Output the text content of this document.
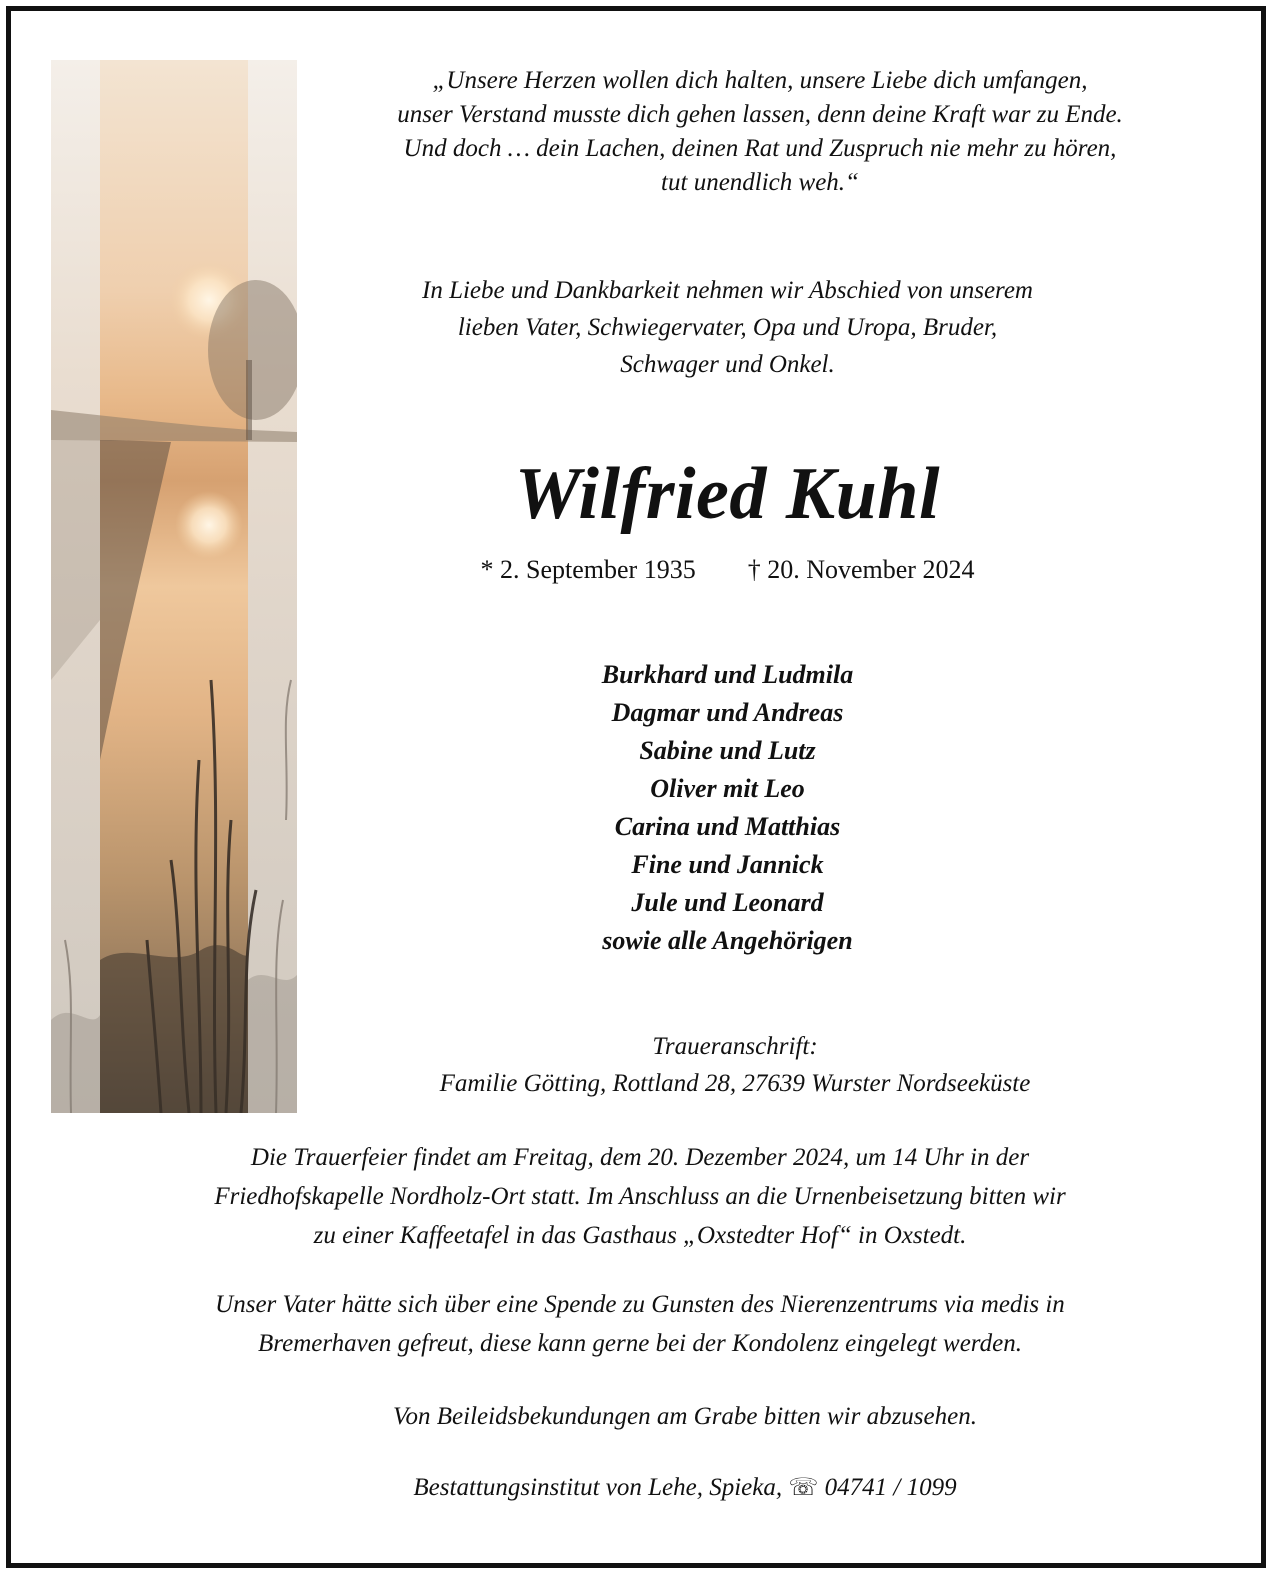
„Unsere Herzen wollen dich halten, unsere Liebe dich umfangen,
unser Verstand musste dich gehen lassen, denn deine Kraft war zu Ende.
Und doch … dein Lachen, deinen Rat und Zuspruch nie mehr zu hören,
tut unendlich weh.“
In Liebe und Dankbarkeit nehmen wir Abschied von unserem
lieben Vater, Schwiegervater, Opa und Uropa, Bruder,
Schwager und Onkel.
Wilfried Kuhl
* 2. September 1935 † 20. November 2024
Burkhard und Ludmila
Dagmar und Andreas
Sabine und Lutz
Oliver mit Leo
Carina und Matthias
Fine und Jannick
Jule und Leonard
sowie alle Angehörigen
Traueranschrift:
Familie Götting, Rottland 28, 27639 Wurster Nordseeküste
Die Trauerfeier findet am Freitag, dem 20. Dezember 2024, um 14 Uhr in der
Friedhofskapelle Nordholz-Ort statt. Im Anschluss an die Urnenbeisetzung bitten wir
zu einer Kaffeetafel in das Gasthaus „Oxstedter Hof“ in Oxstedt.
Unser Vater hätte sich über eine Spende zu Gunsten des Nierenzentrums via medis in
Bremerhaven gefreut, diese kann gerne bei der Kondolenz eingelegt werden.
Von Beileidsbekundungen am Grabe bitten wir abzusehen.
Bestattungsinstitut von Lehe, Spieka, ☏ 04741 / 1099
